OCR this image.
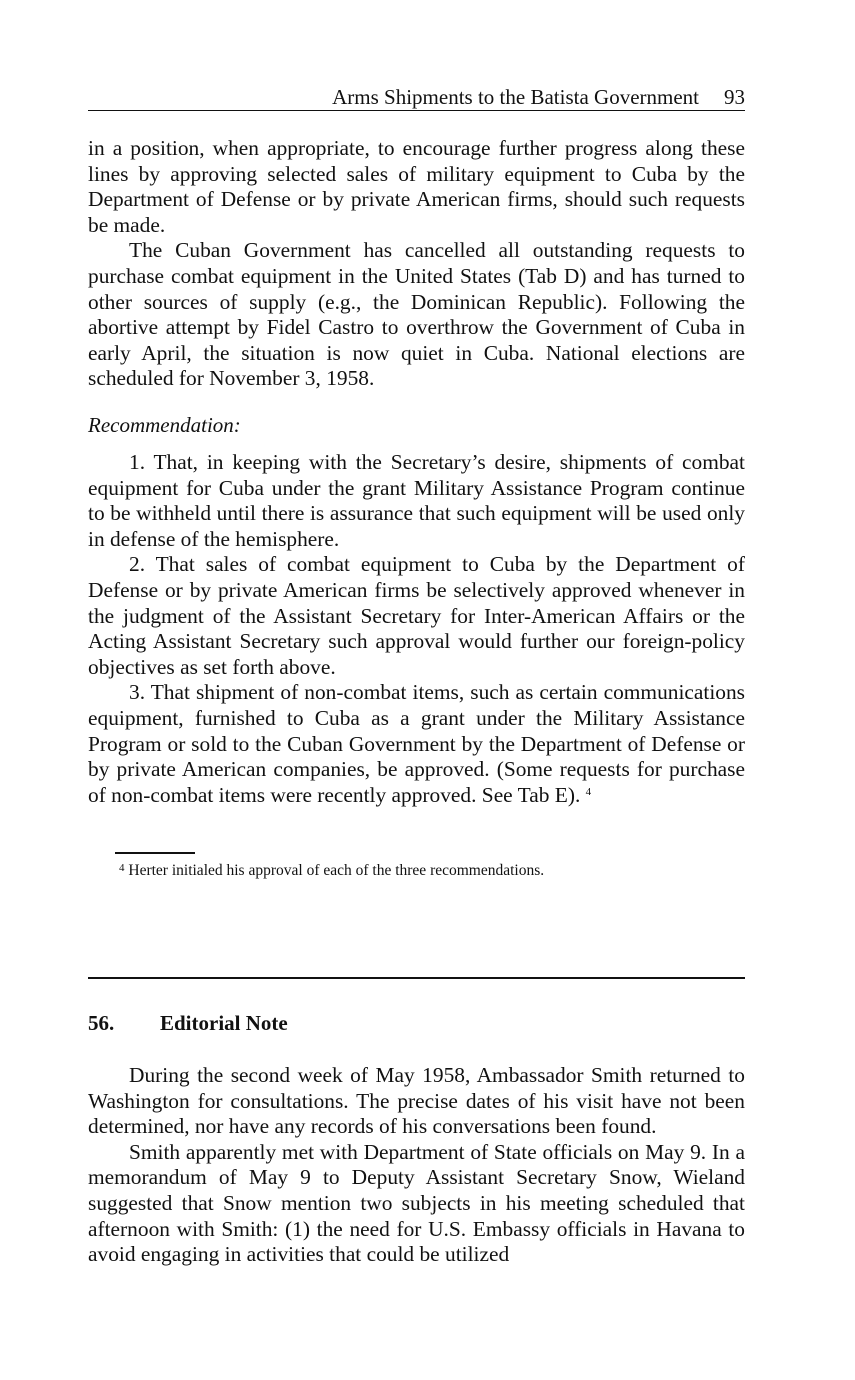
Arms Shipments to the Batista Government 93

in a position, when appropriate, to encourage further progress along these lines by approving selected sales of military equipment to Cuba by the Department of Defense or by private American firms, should such requests be made.

The Cuban Government has cancelled all outstanding requests to purchase combat equipment in the United States (Tab D) and has turned to other sources of supply (e.g., the Dominican Republic). Following the abortive attempt by Fidel Castro to overthrow the Government of Cuba in early April, the situation is now quiet in Cuba. National elections are scheduled for November 3, 1958.

Recommendation:

1. That, in keeping with the Secretary’s desire, shipments of combat equipment for Cuba under the grant Military Assistance Program continue to be withheld until there is assurance that such equipment will be used only in defense of the hemisphere.

2. That sales of combat equipment to Cuba by the Department of Defense or by private American firms be selectively approved whenever in the judgment of the Assistant Secretary for Inter-American Affairs or the Acting Assistant Secretary such approval would further our foreign-policy objectives as set forth above.

3. That shipment of non-combat items, such as certain communications equipment, furnished to Cuba as a grant under the Military Assistance Program or sold to the Cuban Government by the Department of Defense or by private American companies, be approved. (Some requests for purchase of non-combat items were recently approved. See Tab E). $^4$

$^4$ Herter initialed his approval of each of the three recommendations.
56. Editorial Note

During the second week of May 1958, Ambassador Smith returned to Washington for consultations. The precise dates of his visit have not been determined, nor have any records of his conversations been found.

Smith apparently met with Department of State officials on May 9. In a memorandum of May 9 to Deputy Assistant Secretary Snow, Wieland suggested that Snow mention two subjects in his meeting scheduled that afternoon with Smith: (1) the need for U.S. Embassy officials in Havana to avoid engaging in activities that could be utilized
